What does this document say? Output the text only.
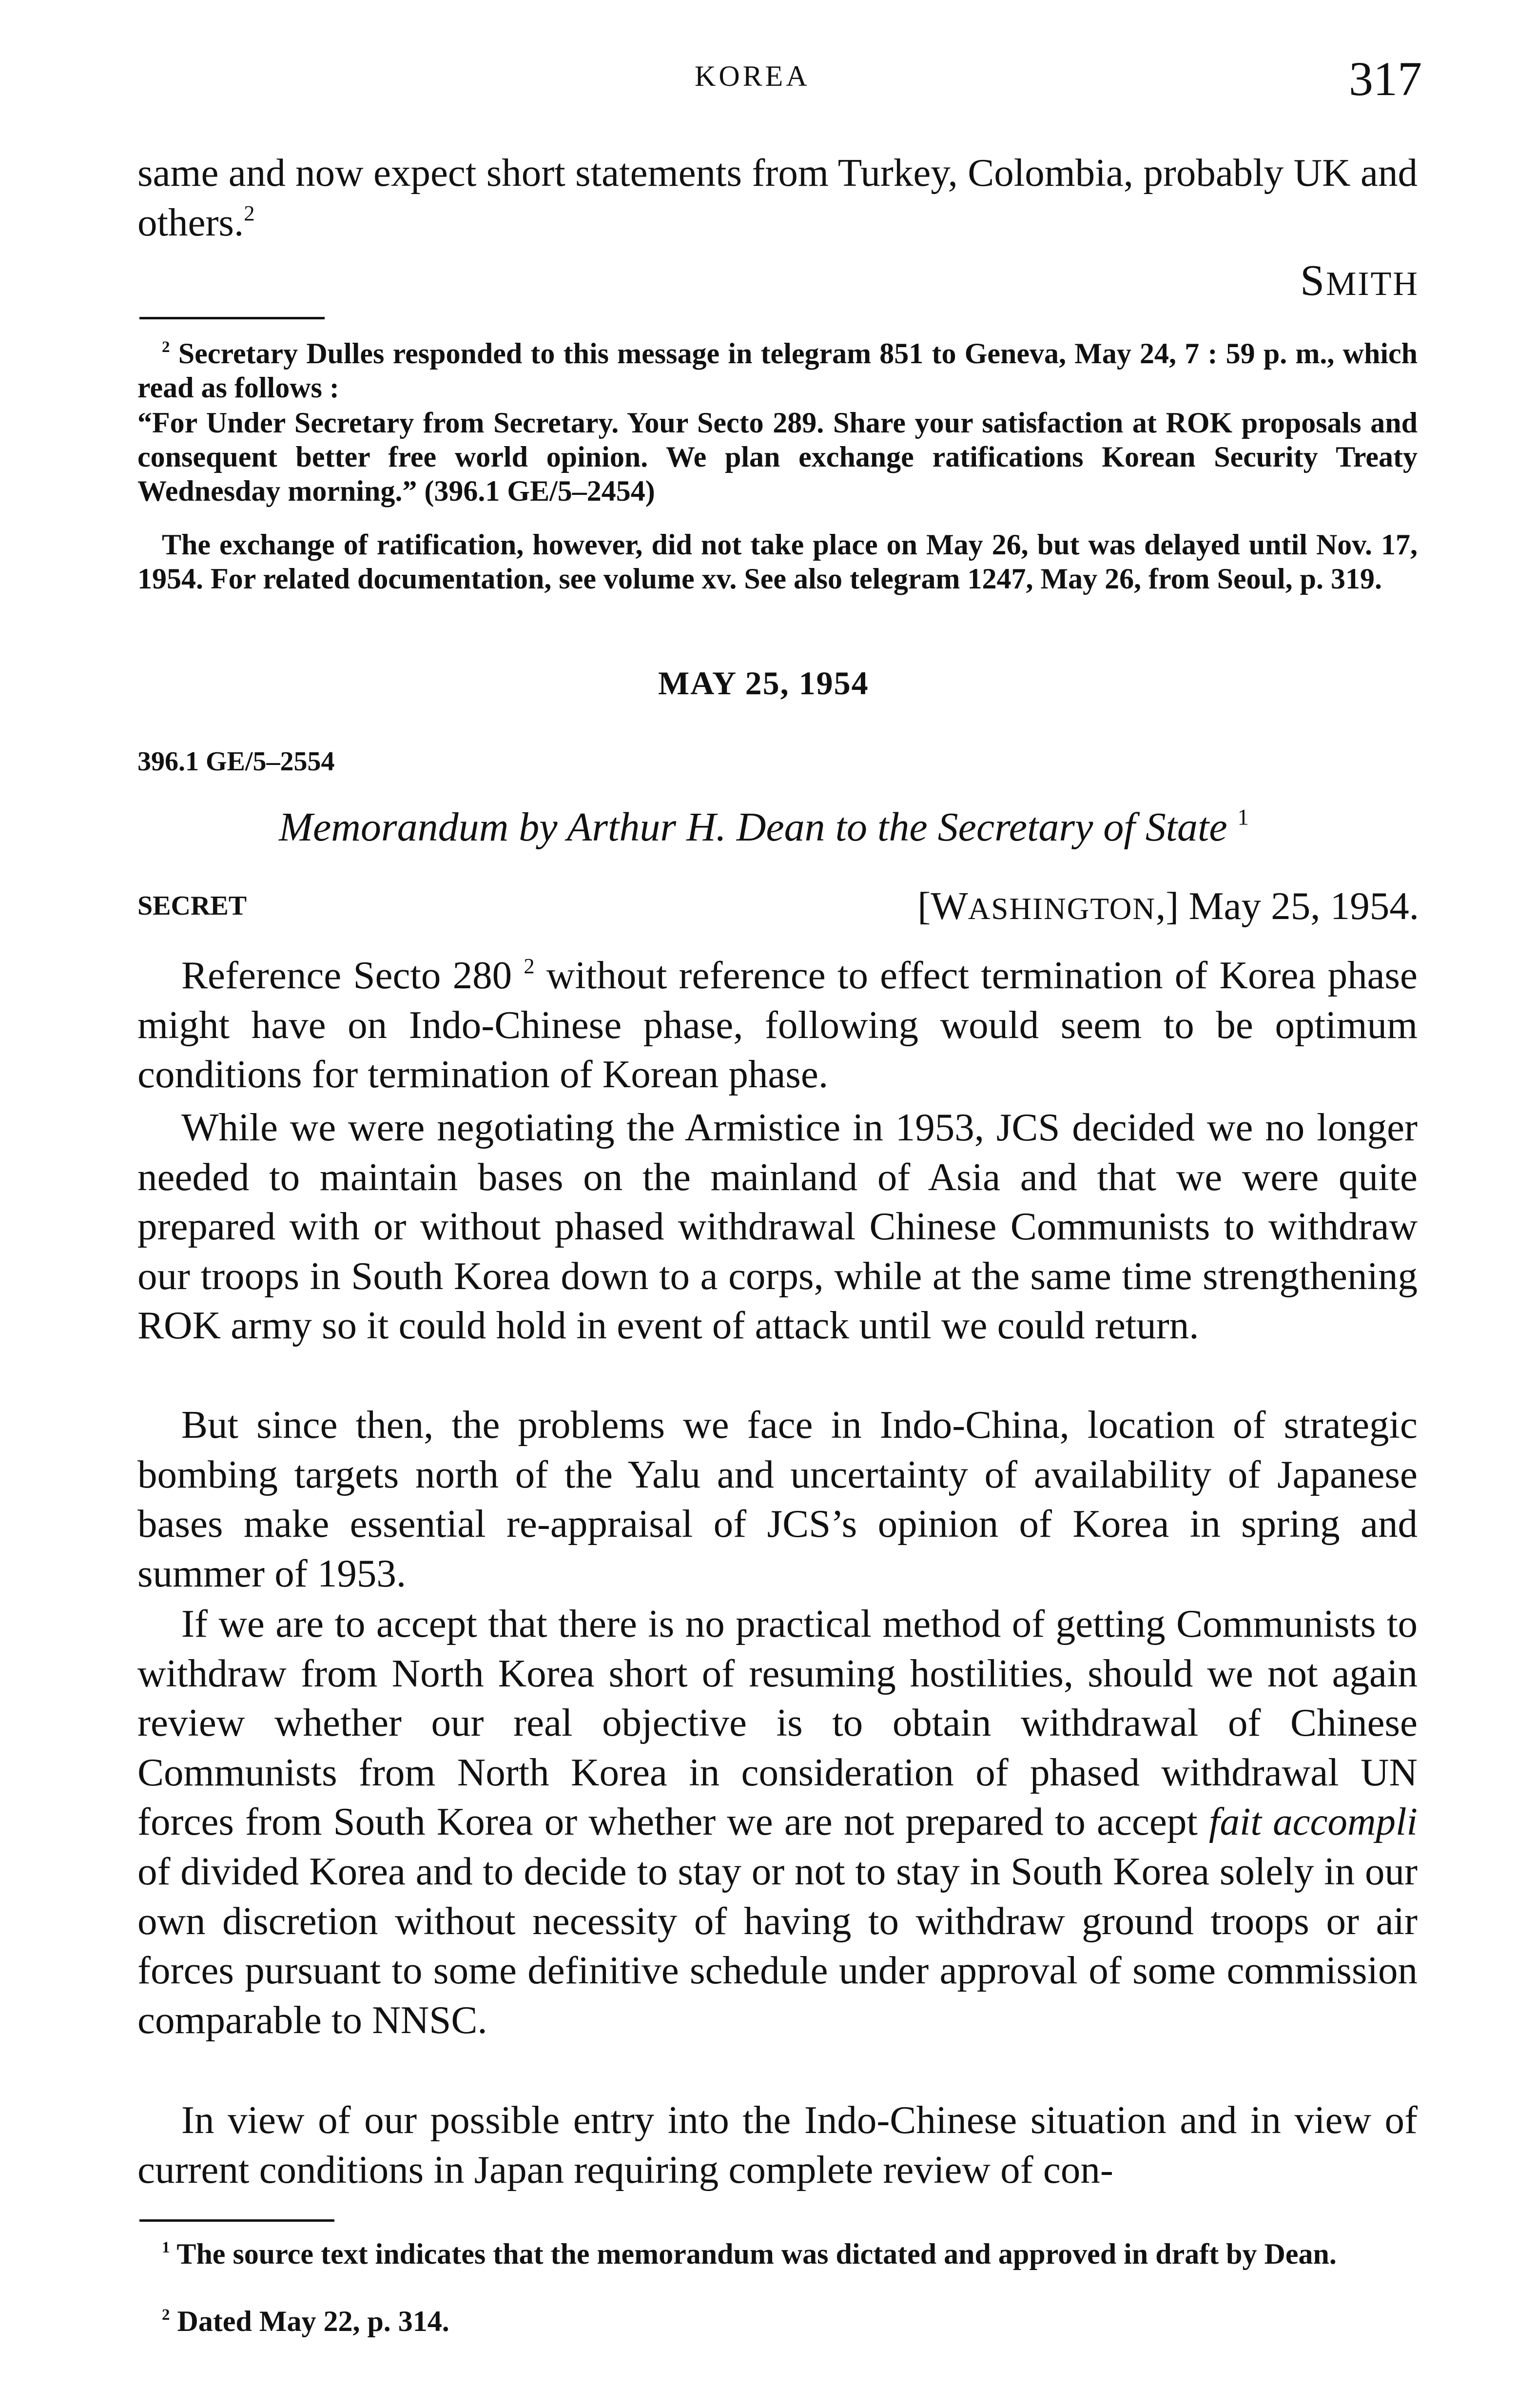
KOREA	317
same and now expect short statements from Turkey, Colombia, probably UK and others.$^2$
SMITH
$^2$ Secretary Dulles responded to this message in telegram 851 to Geneva, May 24, 7 : 59 p. m., which read as follows :
“For Under Secretary from Secretary. Your Secto 289. Share your satisfaction at ROK proposals and consequent better free world opinion. We plan exchange ratifications Korean Security Treaty Wednesday morning.” (396.1 GE/5–2454)
The exchange of ratification, however, did not take place on May 26, but was delayed until Nov. 17, 1954. For related documentation, see volume xv. See also telegram 1247, May 26, from Seoul, p. 319.
MAY 25, 1954
396.1 GE/5–2554
Memorandum by Arthur H. Dean to the Secretary of State $^1$
SECRET	[WASHINGTON,] May 25, 1954.
Reference Secto 280 $^2$ without reference to effect termination of Korea phase might have on Indo-Chinese phase, following would seem to be optimum conditions for termination of Korean phase.
While we were negotiating the Armistice in 1953, JCS decided we no longer needed to maintain bases on the mainland of Asia and that we were quite prepared with or without phased withdrawal Chinese Communists to withdraw our troops in South Korea down to a corps, while at the same time strengthening ROK army so it could hold in event of attack until we could return.
But since then, the problems we face in Indo-China, location of strategic bombing targets north of the Yalu and uncertainty of availability of Japanese bases make essential re-appraisal of JCS’s opinion of Korea in spring and summer of 1953.
If we are to accept that there is no practical method of getting Communists to withdraw from North Korea short of resuming hostilities, should we not again review whether our real objective is to obtain withdrawal of Chinese Communists from North Korea in consideration of phased withdrawal UN forces from South Korea or whether we are not prepared to accept fait accompli of divided Korea and to decide to stay or not to stay in South Korea solely in our own discretion without necessity of having to withdraw ground troops or air forces pursuant to some definitive schedule under approval of some commission comparable to NNSC.
In view of our possible entry into the Indo-Chinese situation and in view of current conditions in Japan requiring complete review of con-
$^1$ The source text indicates that the memorandum was dictated and approved in draft by Dean.
$^2$ Dated May 22, p. 314.
